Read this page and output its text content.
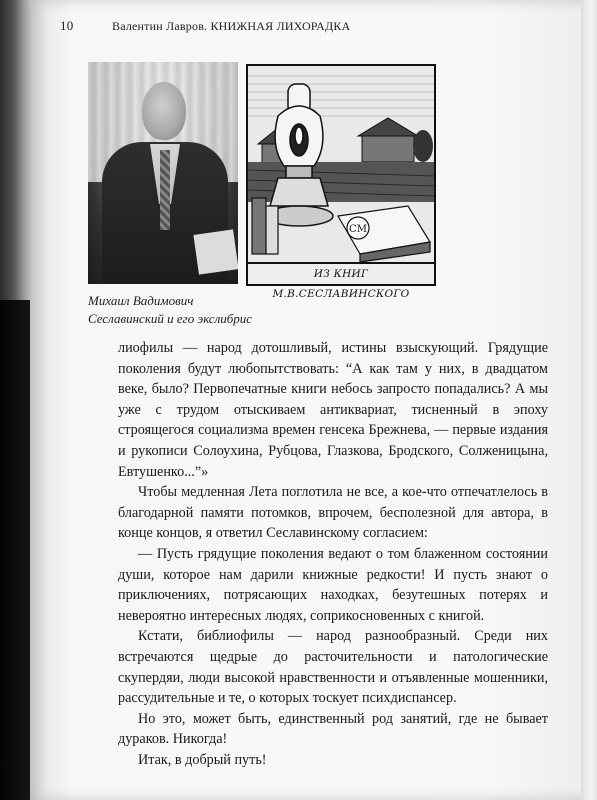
10	Валентин Лавров. КНИЖНАЯ ЛИХОРАДКА
СМ
ИЗ КНИГ М.В.СЕСЛАВИНСКОГО
Михаил Вадимович
Сеславинский и его экслибрис

лиофилы — народ дотошливый, истины взыскующий. Грядущие поколения будут любопытствовать: “А как там у них, в двадцатом веке, было? Первопечатные книги небось запросто попадались? А мы уже с трудом отыскиваем антиквариат, тисненный в эпоху строящегося социализма времен генсека Брежнева, — первые издания и рукописи Солоухина, Рубцова, Глазкова, Бродского, Солженицына, Евтушенко...”»

Чтобы медленная Лета поглотила не все, а кое-что отпечатлелось в благодарной памяти потомков, впрочем, бесполезной для автора, в конце концов, я ответил Сеславинскому согласием:

— Пусть грядущие поколения ведают о том блаженном состоянии души, которое нам дарили книжные редкости! И пусть знают о приключениях, потрясающих находках, безутешных потерях и невероятно интересных людях, соприкосновенных с книгой.

Кстати, библиофилы — народ разнообразный. Среди них встречаются щедрые до расточительности и патологические скупердяи, люди высокой нравственности и отъявленные мошенники, рассудительные и те, о которых тоскует психдиспансер.

Но это, может быть, единственный род занятий, где не бывает дураков. Никогда!

Итак, в добрый путь!
